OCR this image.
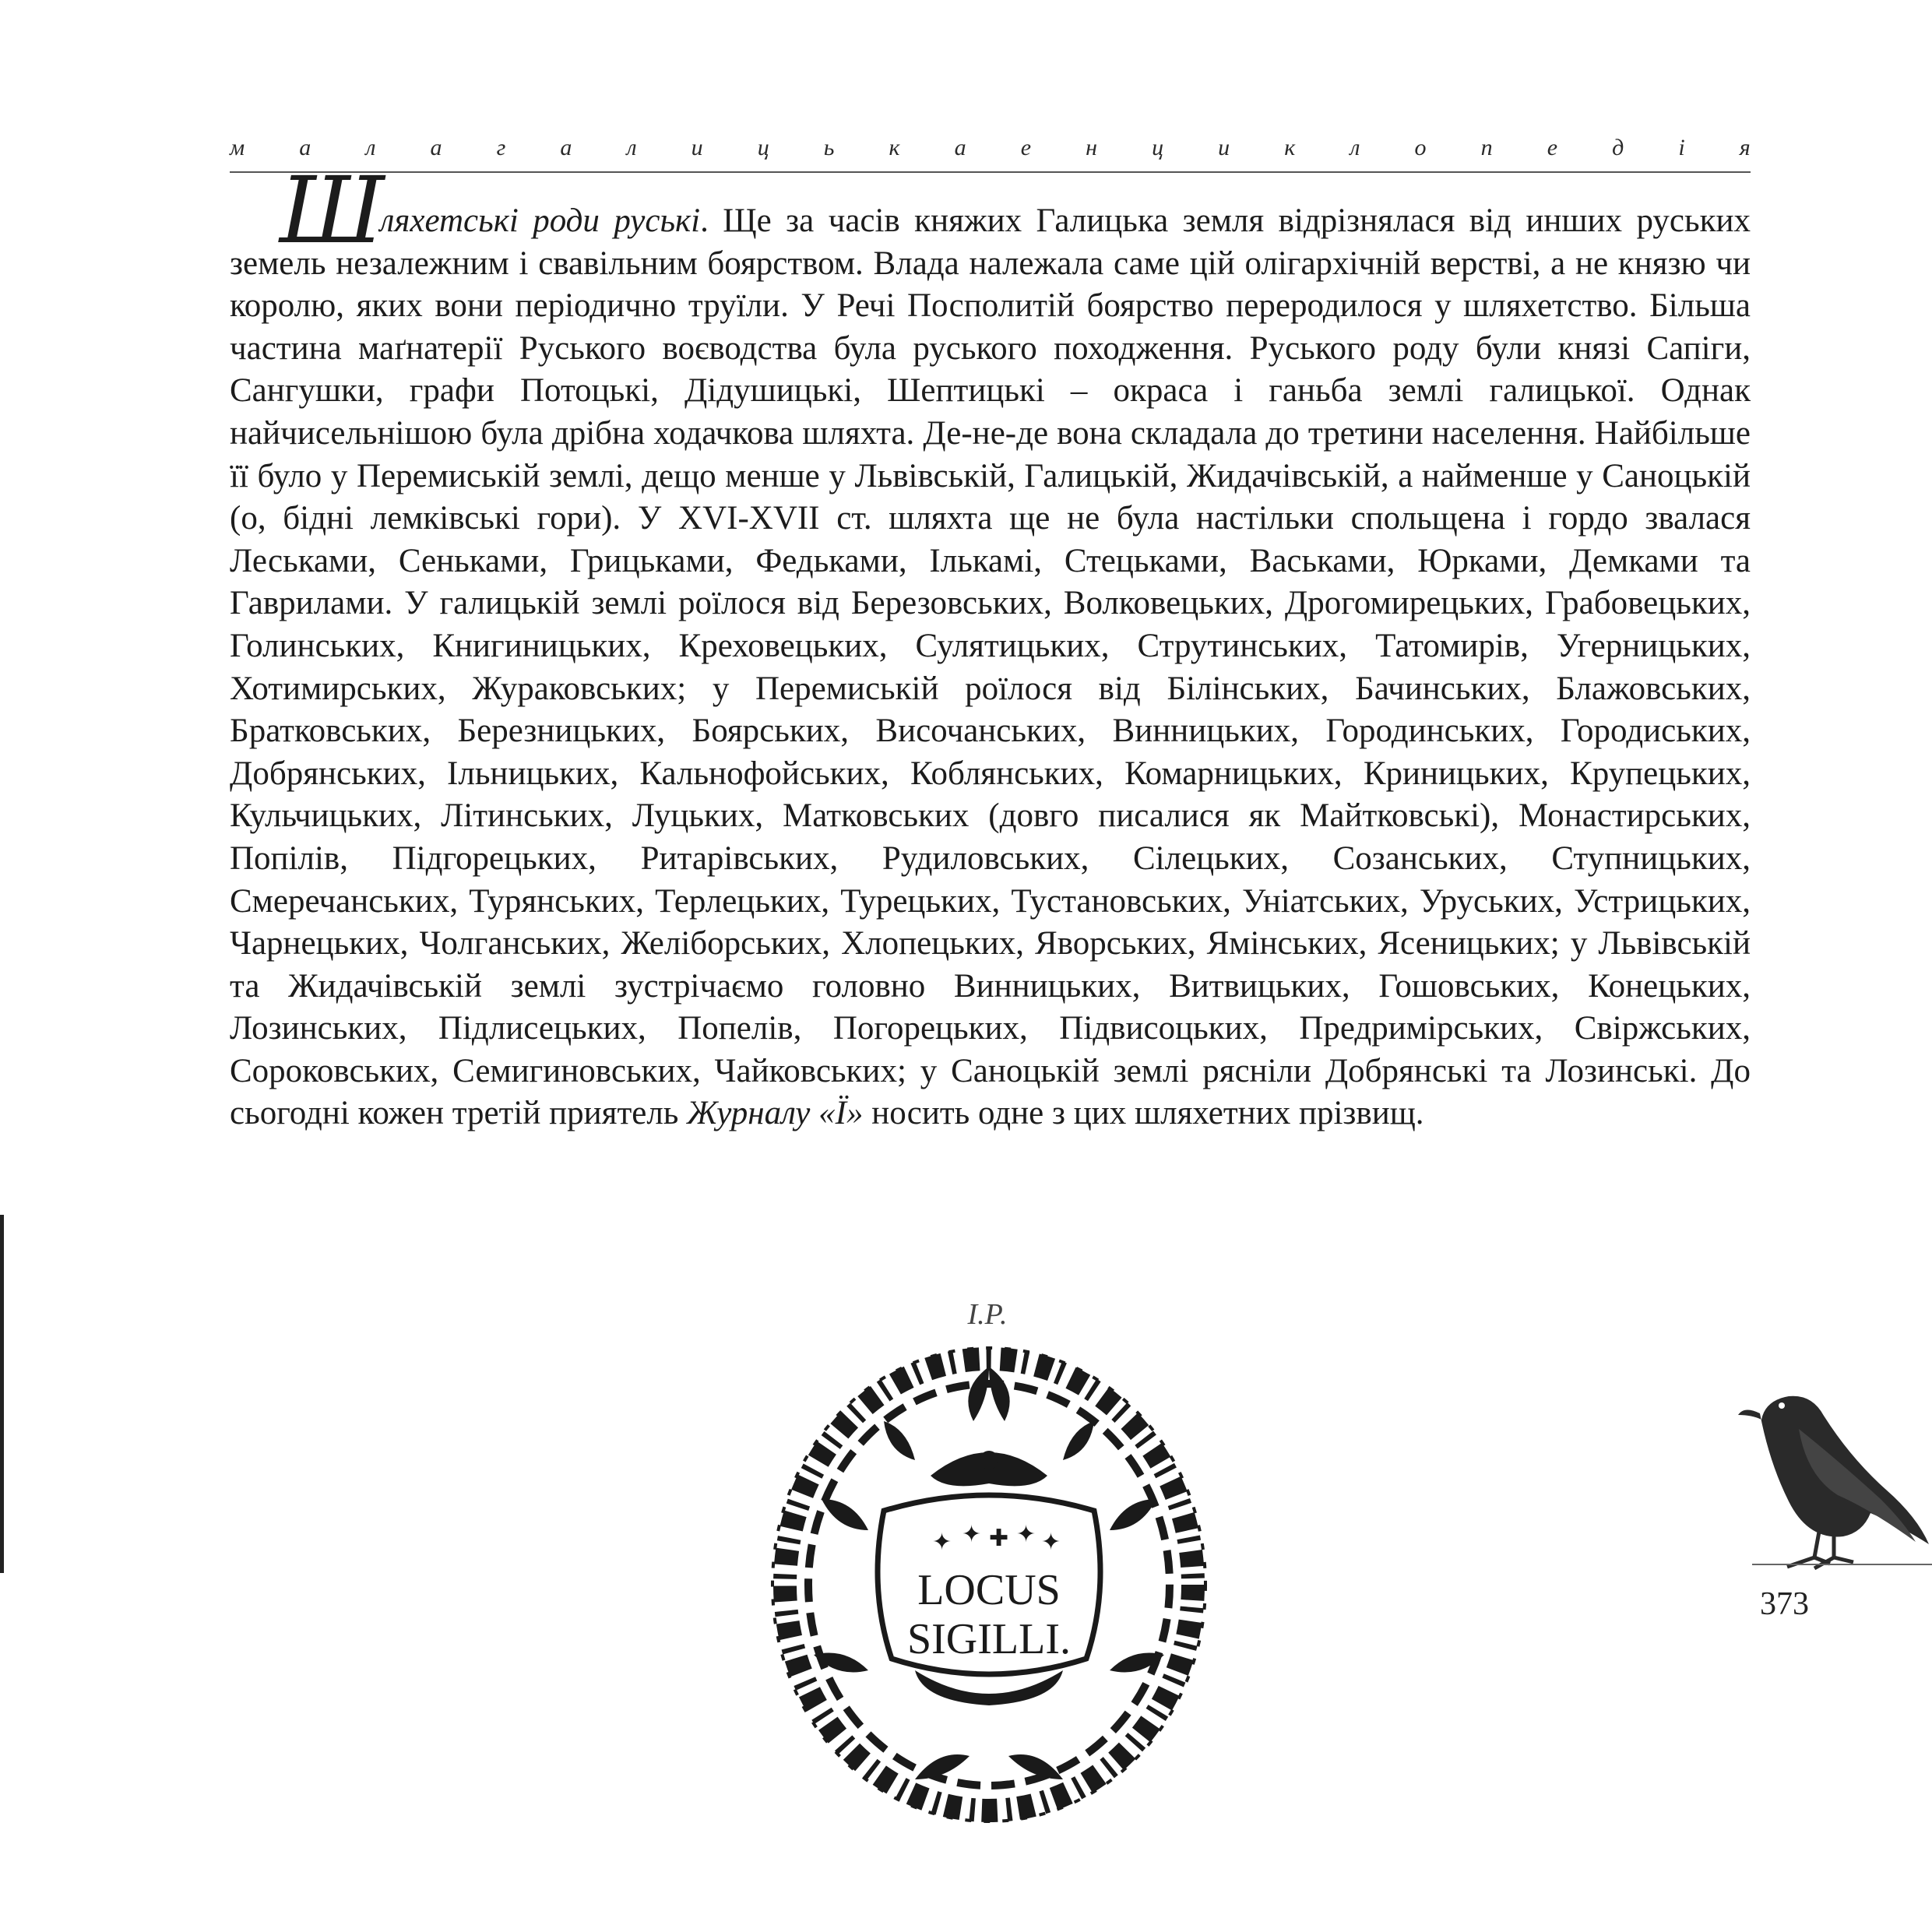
м а л а г а л и ц ь к а е н ц и к л о п е д і я
Шляхетські роди руські. Ще за часів княжих Галицька земля відрізнялася від инших руських земель незалежним і свавільним боярством. Влада належала саме цій олігархічній верстві, а не князю чи королю, яких вони періодично труїли. У Речі Посполитій боярство переродилося у шляхетство. Більша частина маґнатерії Руського воєводства була руського походження. Руського роду були князі Сапіги, Сангушки, графи Потоцькі, Дідушицькі, Шептицькі – окраса і ганьба землі галицької. Однак найчисельнішою була дрібна ходачкова шляхта. Де-не-де вона складала до третини населення. Найбільше її було у Перемиській землі, дещо менше у Львівській, Галицькій, Жидачівській, а найменше у Саноцькій (о, бідні лемківські гори). У XVI-XVII ст. шляхта ще не була настільки спольщена і гордо звалася Леськами, Сеньками, Грицьками, Федьками, Ількамі, Стецьками, Васьками, Юрками, Демками та Гаврилами. У галицькій землі роїлося від Березовських, Волковецьких, Дрогомирецьких, Грабовецьких, Голинських, Книгиницьких, Креховецьких, Сулятицьких, Струтинських, Татомирів, Угерницьких, Хотимирських, Жураковських; у Перемиській роїлося від Білінських, Бачинських, Блажовських, Братковських, Березницьких, Боярських, Височанських, Винницьких, Городинських, Городиських, Добрянських, Ільницьких, Кальнофойських, Коблянських, Комарницьких, Криницьких, Крупецьких, Кульчицьких, Літинських, Луцьких, Матковських (довго писалися як Майтковські), Монастирських, Попілів, Підгорецьких, Ритарівських, Рудиловських, Сілецьких, Созанських, Ступницьких, Смеречанських, Турянських, Терлецьких, Турецьких, Тустановських, Уніатських, Уруських, Устрицьких, Чарнецьких, Чолганських, Желіборських, Хлопецьких, Яворських, Ямінських, Ясеницьких; у Львівській та Жидачівській землі зустрічаємо головно Винницьких, Витвицьких, Гошовських, Конецьких, Лозинських, Підлисецьких, Попелів, Погорецьких, Підвисоцьких, Предримірських, Свіржських, Сороковських, Семигиновських, Чайковських; у Саноцькій землі рясніли Добрянські та Лозинські. До сьогодні кожен третій приятель Журналу «Ї» носить одне з цих шляхетних прізвищ.
І.Р.
✦ ✦ ✚ ✦ ✦
LOCUS
SIGILLI.
373
